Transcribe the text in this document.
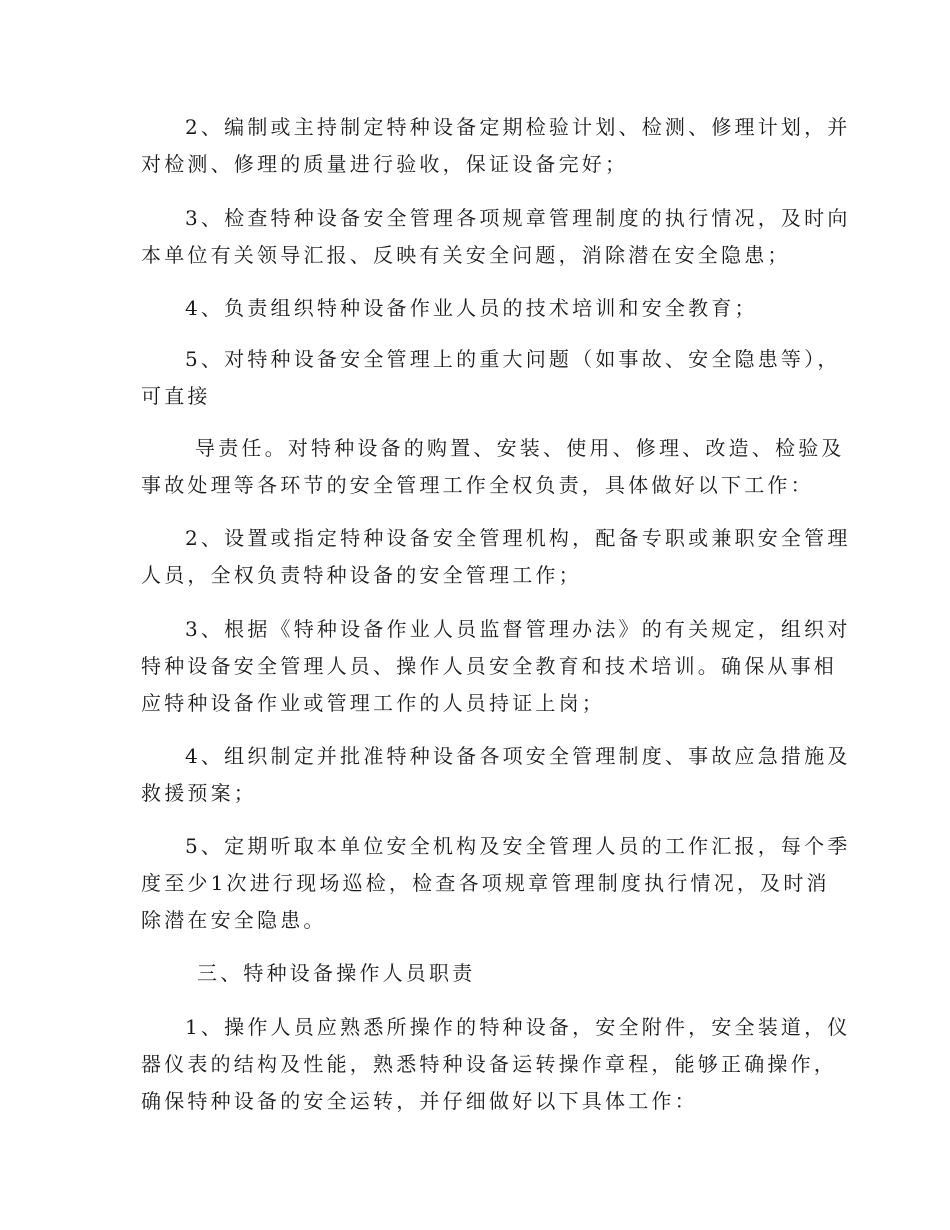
2、编制或主持制定特种设备定期检验计划、检测、修理计划，并
对检测、修理的质量进行验收，保证设备完好；
3、检查特种设备安全管理各项规章管理制度的执行情况，及时向
本单位有关领导汇报、反映有关安全问题，消除潜在安全隐患；
4、负责组织特种设备作业人员的技术培训和安全教育；
5、对特种设备安全管理上的重大问题（如事故、安全隐患等），
可直接
导责任。对特种设备的购置、安装、使用、修理、改造、检验及
事故处理等各环节的安全管理工作全权负责，具体做好以下工作：
2、设置或指定特种设备安全管理机构，配备专职或兼职安全管理
人员，全权负责特种设备的安全管理工作；
3、根据《特种设备作业人员监督管理办法》的有关规定，组织对
特种设备安全管理人员、操作人员安全教育和技术培训。确保从事相
应特种设备作业或管理工作的人员持证上岗；
4、组织制定并批准特种设备各项安全管理制度、事故应急措施及
救援预案；
5、定期听取本单位安全机构及安全管理人员的工作汇报，每个季
度至少1次进行现场巡检，检查各项规章管理制度执行情况，及时消
除潜在安全隐患。
三、特种设备操作人员职责
1、操作人员应熟悉所操作的特种设备，安全附件，安全装道，仪
器仪表的结构及性能，熟悉特种设备运转操作章程，能够正确操作，
确保特种设备的安全运转，并仔细做好以下具体工作：
